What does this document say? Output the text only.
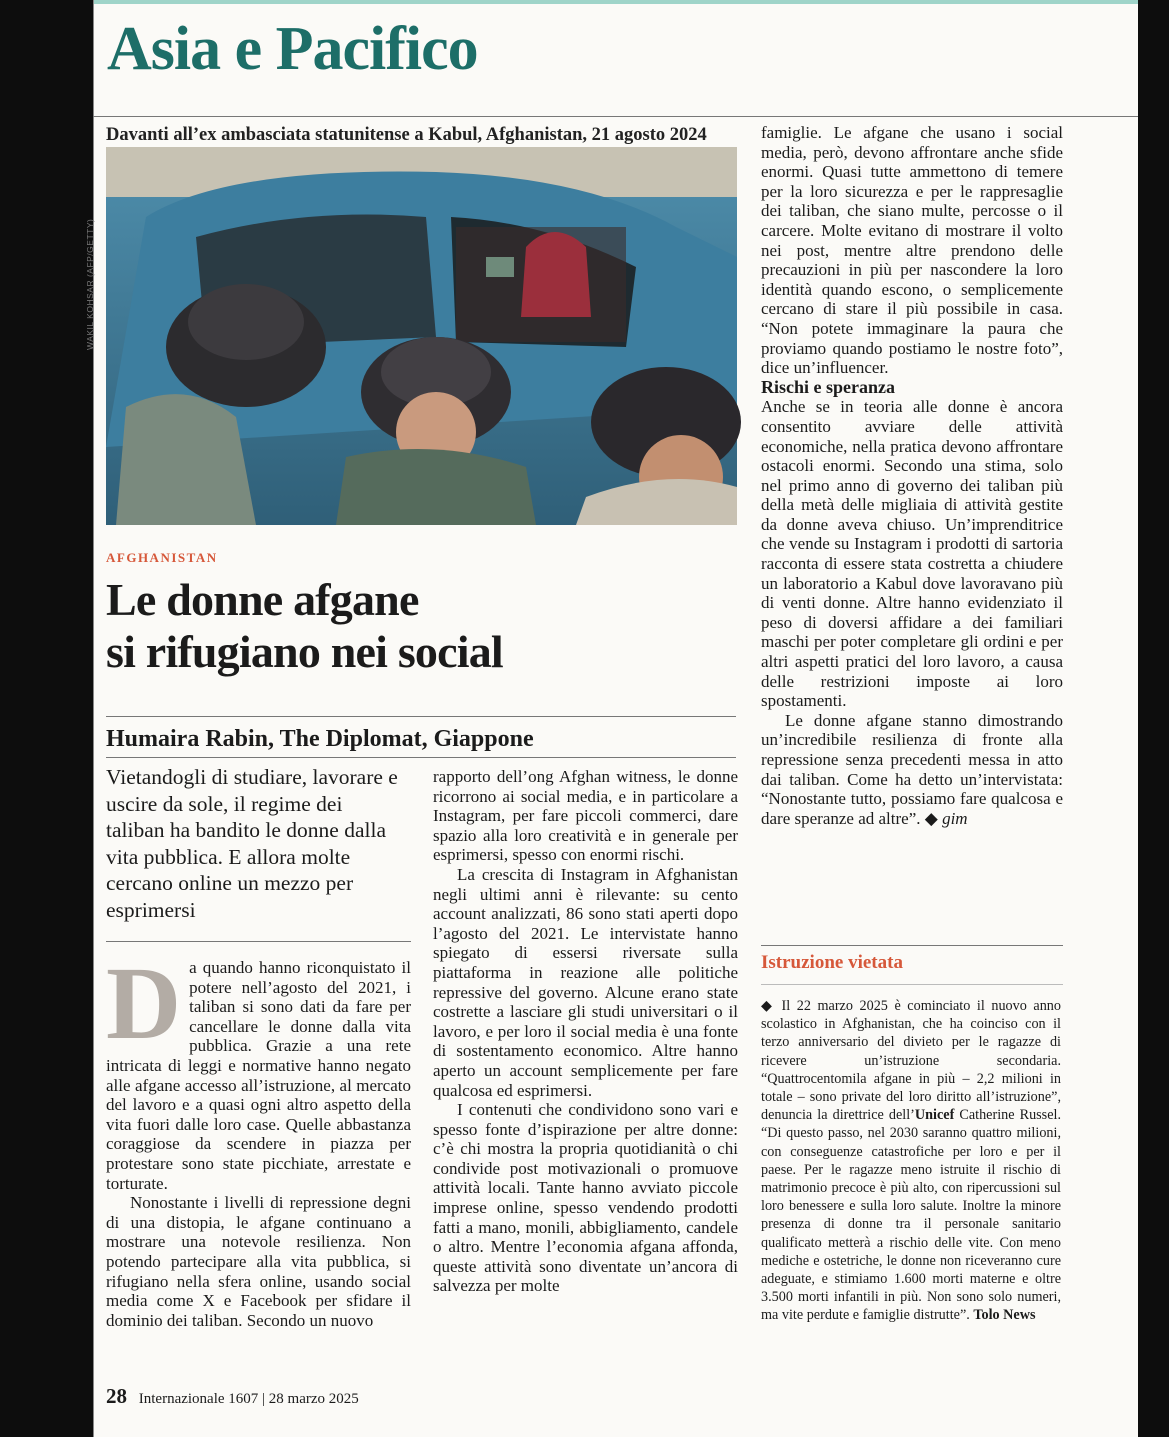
Asia e Pacifico
Davanti all’ex ambasciata statunitense a Kabul, Afghanistan, 21 agosto 2024
WAKIL KOHSAR (AFP/GETTY)
AFGHANISTAN
Le donne afgane
si rifugiano nei social
Humaira Rabin, The Diplomat, Giappone
Vietandogli di studiare, lavorare e uscire da sole, il regime dei taliban ha bandito le donne dalla vita pubblica. E allora molte cercano online un mezzo per esprimersi

Da quando hanno riconquistato il potere nell’agosto del 2021, i taliban si sono dati da fare per cancellare le donne dalla vita pubblica. Grazie a una rete intricata di leggi e normative hanno negato alle afgane accesso all’istruzione, al mercato del lavoro e a quasi ogni altro aspetto della vita fuori dalle loro case. Quelle abbastanza coraggiose da scendere in piazza per protestare sono state picchiate, arrestate e torturate.

Nonostante i livelli di repressione degni di una distopia, le afgane continuano a mostrare una notevole resilienza. Non potendo partecipare alla vita pubblica, si rifugiano nella sfera online, usando social media come X e Facebook per sfidare il dominio dei taliban. Secondo un nuovo

rapporto dell’ong Afghan witness, le donne ricorrono ai social media, e in particolare a Instagram, per fare piccoli commerci, dare spazio alla loro creatività e in generale per esprimersi, spesso con enormi rischi.

La crescita di Instagram in Afghanistan negli ultimi anni è rilevante: su cento account analizzati, 86 sono stati aperti dopo l’agosto del 2021. Le intervistate hanno spiegato di essersi riversate sulla piattaforma in reazione alle politiche repressive del governo. Alcune erano state costrette a lasciare gli studi universitari o il lavoro, e per loro il social media è una fonte di sostentamento economico. Altre hanno aperto un account semplicemente per fare qualcosa ed esprimersi.

I contenuti che condividono sono vari e spesso fonte d’ispirazione per altre donne: c’è chi mostra la propria quotidianità o chi condivide post motivazionali o promuove attività locali. Tante hanno avviato piccole imprese online, spesso vendendo prodotti fatti a mano, monili, abbigliamento, candele o altro. Mentre l’economia afgana affonda, queste attività sono diventate un’ancora di salvezza per molte

famiglie. Le afgane che usano i social media, però, devono affrontare anche sfide enormi. Quasi tutte ammettono di temere per la loro sicurezza e per le rappresaglie dei taliban, che siano multe, percosse o il carcere. Molte evitano di mostrare il volto nei post, mentre altre prendono delle precauzioni in più per nascondere la loro identità quando escono, o semplicemente cercano di stare il più possibile in casa. “Non potete immaginare la paura che proviamo quando postiamo le nostre foto”, dice un’influencer.

Rischi e speranza

Anche se in teoria alle donne è ancora consentito avviare delle attività economiche, nella pratica devono affrontare ostacoli enormi. Secondo una stima, solo nel primo anno di governo dei taliban più della metà delle migliaia di attività gestite da donne aveva chiuso. Un’imprenditrice che vende su Instagram i prodotti di sartoria racconta di essere stata costretta a chiudere un laboratorio a Kabul dove lavoravano più di venti donne. Altre hanno evidenziato il peso di doversi affidare a dei familiari maschi per poter completare gli ordini e per altri aspetti pratici del loro lavoro, a causa delle restrizioni imposte ai loro spostamenti.

Le donne afgane stanno dimostrando un’incredibile resilienza di fronte alla repressione senza precedenti messa in atto dai taliban. Come ha detto un’intervistata: “Nonostante tutto, possiamo fare qualcosa e dare speranze ad altre”. ◆ gim

Istruzione vietata

◆ Il 22 marzo 2025 è cominciato il nuovo anno scolastico in Afghanistan, che ha coinciso con il terzo anniversario del divieto per le ragazze di ricevere un’istruzione secondaria. “Quattrocentomila afgane in più – 2,2 milioni in totale – sono private del loro diritto all’istruzione”, denuncia la direttrice dell’Unicef Catherine Russel. “Di questo passo, nel 2030 saranno quattro milioni, con conseguenze catastrofiche per loro e per il paese. Per le ragazze meno istruite il rischio di matrimonio precoce è più alto, con ripercussioni sul loro benessere e sulla loro salute. Inoltre la minore presenza di donne tra il personale sanitario qualificato metterà a rischio delle vite. Con meno mediche e ostetriche, le donne non riceveranno cure adeguate, e stimiamo 1.600 morti materne e oltre 3.500 morti infantili in più. Non sono solo numeri, ma vite perdute e famiglie distrutte”. Tolo News

28 Internazionale 1607 | 28 marzo 2025
